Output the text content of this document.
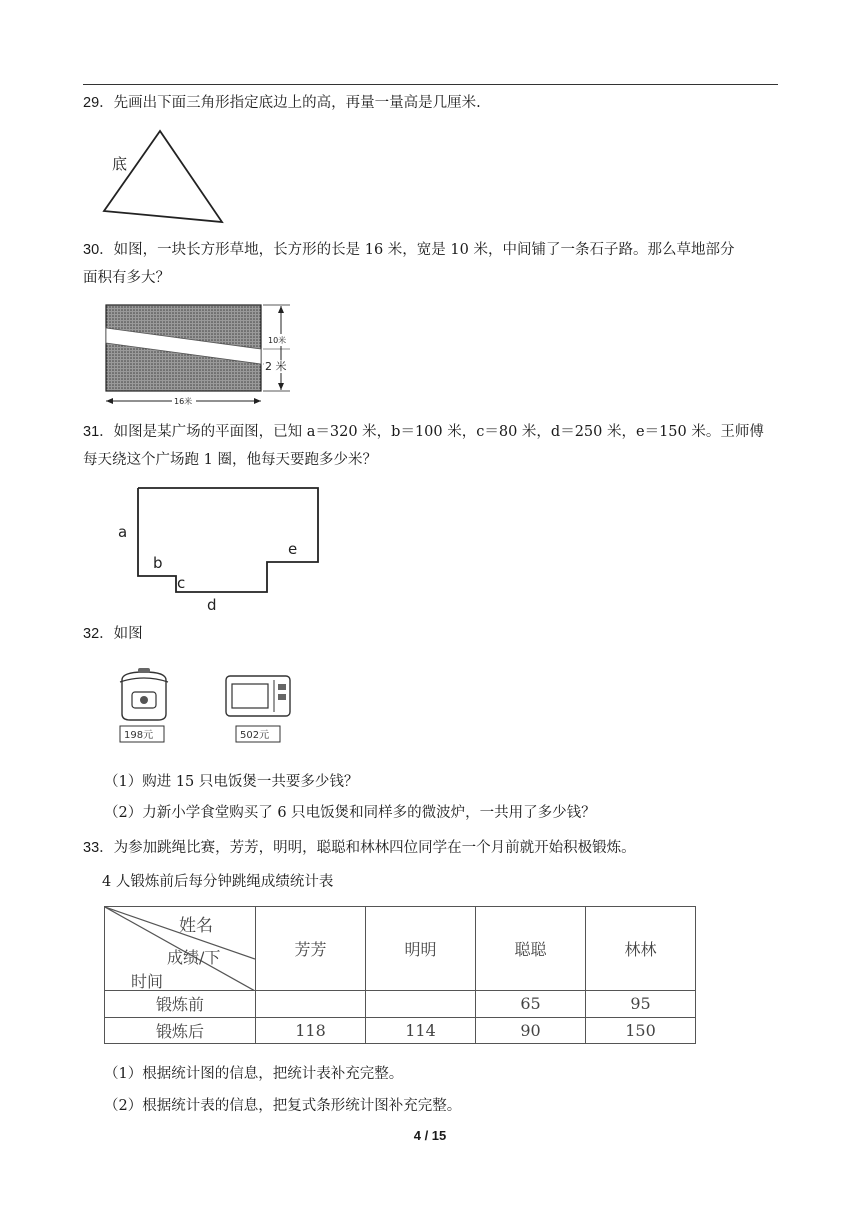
29．先画出下面三角形指定底边上的高，再量一量高是几厘米.
底
30．如图，一块长方形草地，长方形的长是 16 米，宽是 10 米，中间铺了一条石子路。那么草地部分
面积有多大？
10米
2 米
16米
31．如图是某广场的平面图，已知 a＝320 米，b＝100 米，c＝80 米，d＝250 米，e＝150 米。王师傅
每天绕这个广场跑 1 圈，他每天要跑多少米？
a
b
c
d
e
32．如图
198元	502元
（1）购进 15 只电饭煲一共要多少钱？
（2）力新小学食堂购买了 6 只电饭煲和同样多的微波炉，一共用了多少钱？
33．为参加跳绳比赛，芳芳，明明，聪聪和林林四位同学在一个月前就开始积极锻炼。
4 人锻炼前后每分钟跳绳成绩统计表
姓名
成绩/下
时间	芳芳	明明	聪聪	林林
锻炼前			65	95
锻炼后	118	114	90	150
（1）根据统计图的信息，把统计表补充完整。
（2）根据统计表的信息，把复式条形统计图补充完整。
4 / 15
